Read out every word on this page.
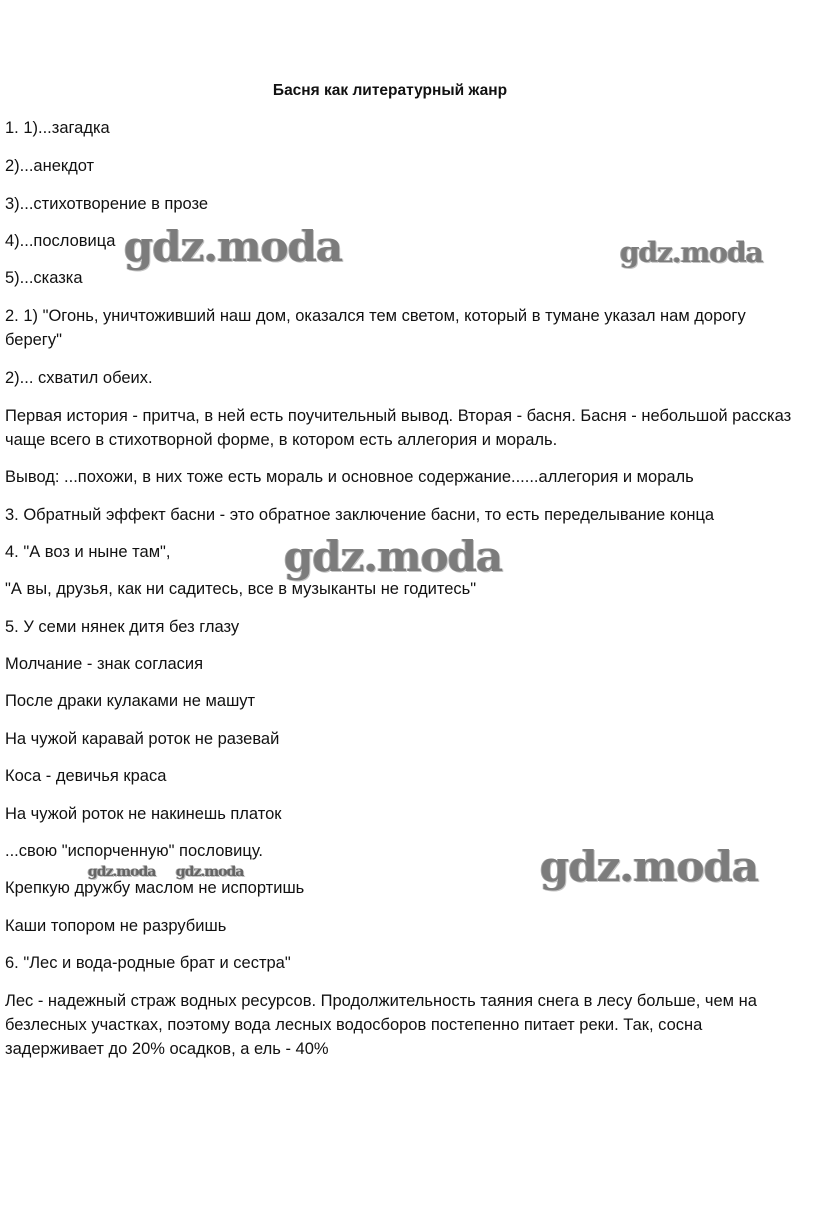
Басня как литературный жанр
1. 1)...загадка
2)...анекдот
3)...стихотворение в прозе
4)...пословица
5)...сказка
2. 1) "Огонь, уничтоживший наш дом, оказался тем светом, который в тумане указал нам дорогу берегу"
2)... схватил обеих.
Первая история - притча, в ней есть поучительный вывод. Вторая - басня. Басня - небольшой рассказ чаще всего в стихотворной форме, в котором есть аллегория и мораль.
Вывод: ...похожи, в них тоже есть мораль и основное содержание......аллегория и мораль
3. Обратный эффект басни - это обратное заключение басни, то есть переделывание конца
4. "А воз и ныне там",
"А вы, друзья, как ни садитесь, все в музыканты не годитесь"
5. У семи нянек дитя без глазу
Молчание - знак согласия
После драки кулаками не машут
На чужой каравай роток не разевай
Коса - девичья краса
На чужой роток не накинешь платок
...свою "испорченную" пословицу.
Крепкую дружбу маслом не испортишь
Каши топором не разрубишь
6. "Лес и вода-родные брат и сестра"
Лес - надежный страж водных ресурсов. Продолжительность таяния снега в лесу больше, чем на безлесных участках, поэтому вода лесных водосборов постепенно питает реки. Так, сосна задерживает до 20% осадков, а ель - 40%
gdz.moda	gdz.moda
gdz.moda
gdz.moda
gdz.moda gdz.moda
